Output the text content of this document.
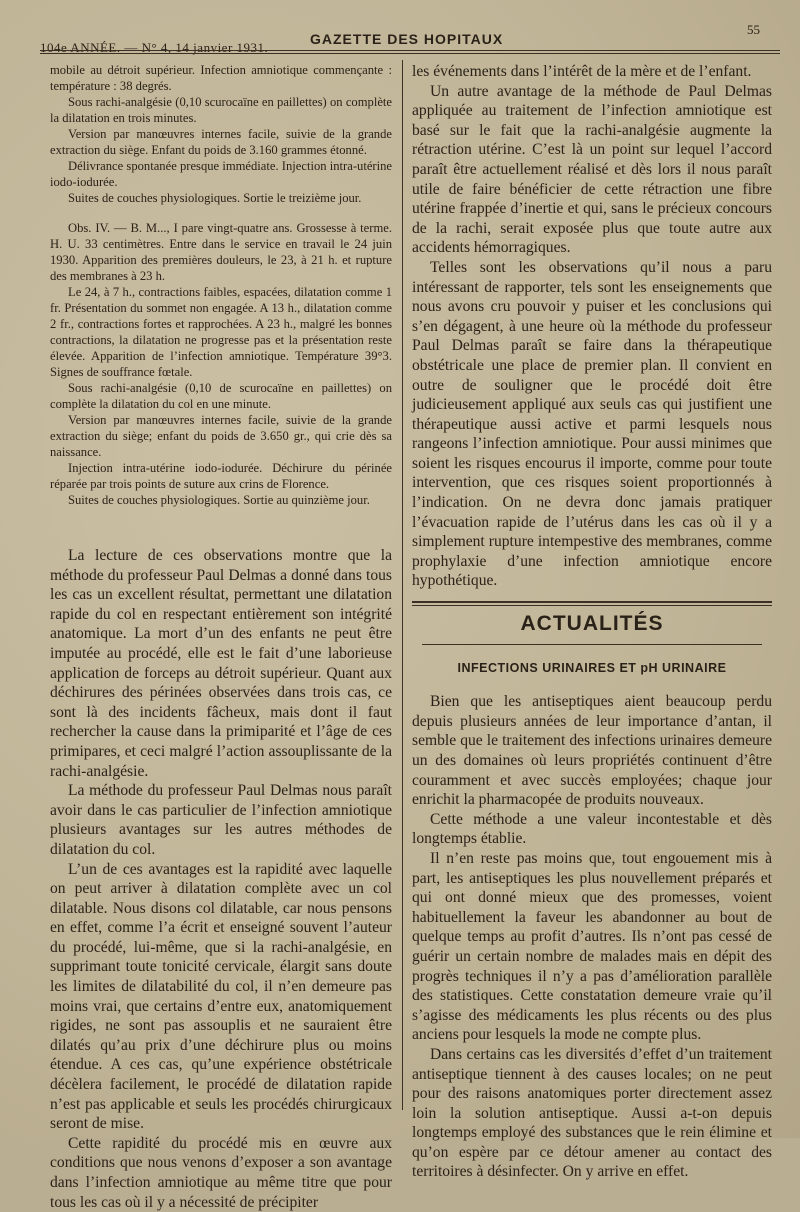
104e ANNÉE. — N° 4, 14 janvier 1931.
GAZETTE DES HOPITAUX
55

mobile au détroit supérieur. Infection amniotique commençante : température : 38 degrés.

Sous rachi-analgésie (0,10 scurocaïne en paillettes) on complète la dilatation en trois minutes.

Version par manœuvres internes facile, suivie de la grande extraction du siège. Enfant du poids de 3.160 grammes étonné.

Délivrance spontanée presque immédiate. Injection intra-utérine iodo-iodurée.

Suites de couches physiologiques. Sortie le treizième jour.

Obs. IV. — B. M..., I pare vingt-quatre ans. Grossesse à terme. H. U. 33 centimètres. Entre dans le service en travail le 24 juin 1930. Apparition des premières douleurs, le 23, à 21 h. et rupture des membranes à 23 h.

Le 24, à 7 h., contractions faibles, espacées, dilatation comme 1 fr. Présentation du sommet non engagée. A 13 h., dilatation comme 2 fr., contractions fortes et rapprochées. A 23 h., malgré les bonnes contractions, la dilatation ne progresse pas et la présentation reste élevée. Apparition de l’infection amniotique. Température 39°3. Signes de souffrance fœtale.

Sous rachi-analgésie (0,10 de scurocaïne en paillettes) on complète la dilatation du col en une minute.

Version par manœuvres internes facile, suivie de la grande extraction du siège; enfant du poids de 3.650 gr., qui crie dès sa naissance.

Injection intra-utérine iodo-iodurée. Déchirure du périnée réparée par trois points de suture aux crins de Florence.

Suites de couches physiologiques. Sortie au quinzième jour.

La lecture de ces observations montre que la méthode du professeur Paul Delmas a donné dans tous les cas un excellent résultat, permettant une dilatation rapide du col en respectant entièrement son intégrité anatomique. La mort d’un des enfants ne peut être imputée au procédé, elle est le fait d’une laborieuse application de forceps au détroit supérieur. Quant aux déchirures des périnées observées dans trois cas, ce sont là des incidents fâcheux, mais dont il faut rechercher la cause dans la primiparité et l’âge de ces primipares, et ceci malgré l’action assouplissante de la rachi-analgésie.

La méthode du professeur Paul Delmas nous paraît avoir dans le cas particulier de l’infection amniotique plusieurs avantages sur les autres méthodes de dilatation du col.

L’un de ces avantages est la rapidité avec laquelle on peut arriver à dilatation complète avec un col dilatable. Nous disons col dilatable, car nous pensons en effet, comme l’a écrit et enseigné souvent l’auteur du procédé, lui-même, que si la rachi-analgésie, en supprimant toute tonicité cervicale, élargit sans doute les limites de dilatabilité du col, il n’en demeure pas moins vrai, que certains d’entre eux, anatomiquement rigides, ne sont pas assouplis et ne sauraient être dilatés qu’au prix d’une déchirure plus ou moins étendue. A ces cas, qu’une expérience obstétricale décèlera facilement, le procédé de dilatation rapide n’est pas applicable et seuls les procédés chirurgicaux seront de mise.

Cette rapidité du procédé mis en œuvre aux conditions que nous venons d’exposer a son avantage dans l’infection amniotique au même titre que pour tous les cas où il y a nécessité de précipiter

les événements dans l’intérêt de la mère et de l’enfant.

Un autre avantage de la méthode de Paul Delmas appliquée au traitement de l’infection amniotique est basé sur le fait que la rachi-analgésie augmente la rétraction utérine. C’est là un point sur lequel l’accord paraît être actuellement réalisé et dès lors il nous paraît utile de faire bénéficier de cette rétraction une fibre utérine frappée d’inertie et qui, sans le précieux concours de la rachi, serait exposée plus que toute autre aux accidents hémorragiques.

Telles sont les observations qu’il nous a paru intéressant de rapporter, tels sont les enseignements que nous avons cru pouvoir y puiser et les conclusions qui s’en dégagent, à une heure où la méthode du professeur Paul Delmas paraît se faire dans la thérapeutique obstétricale une place de premier plan. Il convient en outre de souligner que le procédé doit être judicieusement appliqué aux seuls cas qui justifient une thérapeutique aussi active et parmi lesquels nous rangeons l’infection amniotique. Pour aussi minimes que soient les risques encourus il importe, comme pour toute intervention, que ces risques soient proportionnés à l’indication. On ne devra donc jamais pratiquer l’évacuation rapide de l’utérus dans les cas où il y a simplement rupture intempestive des membranes, comme prophylaxie d’une infection amniotique encore hypothétique.

ACTUALITÉS
INFECTIONS URINAIRES ET pH URINAIRE

Bien que les antiseptiques aient beaucoup perdu depuis plusieurs années de leur importance d’antan, il semble que le traitement des infections urinaires demeure un des domaines où leurs propriétés continuent d’être couramment et avec succès employées; chaque jour enrichit la pharmacopée de produits nouveaux.

Cette méthode a une valeur incontestable et dès longtemps établie.

Il n’en reste pas moins que, tout engouement mis à part, les antiseptiques les plus nouvellement préparés et qui ont donné mieux que des promesses, voient habituellement la faveur les abandonner au bout de quelque temps au profit d’autres. Ils n’ont pas cessé de guérir un certain nombre de malades mais en dépit des progrès techniques il n’y a pas d’amélioration parallèle des statistiques. Cette constatation demeure vraie qu’il s’agisse des médicaments les plus récents ou des plus anciens pour lesquels la mode ne compte plus.

Dans certains cas les diversités d’effet d’un traitement antiseptique tiennent à des causes locales; on ne peut pour des raisons anatomiques porter directement assez loin la solution antiseptique. Aussi a-t-on depuis longtemps employé des substances que le rein élimine et qu’on espère par ce détour amener au contact des territoires à désinfecter. On y arrive en effet.
